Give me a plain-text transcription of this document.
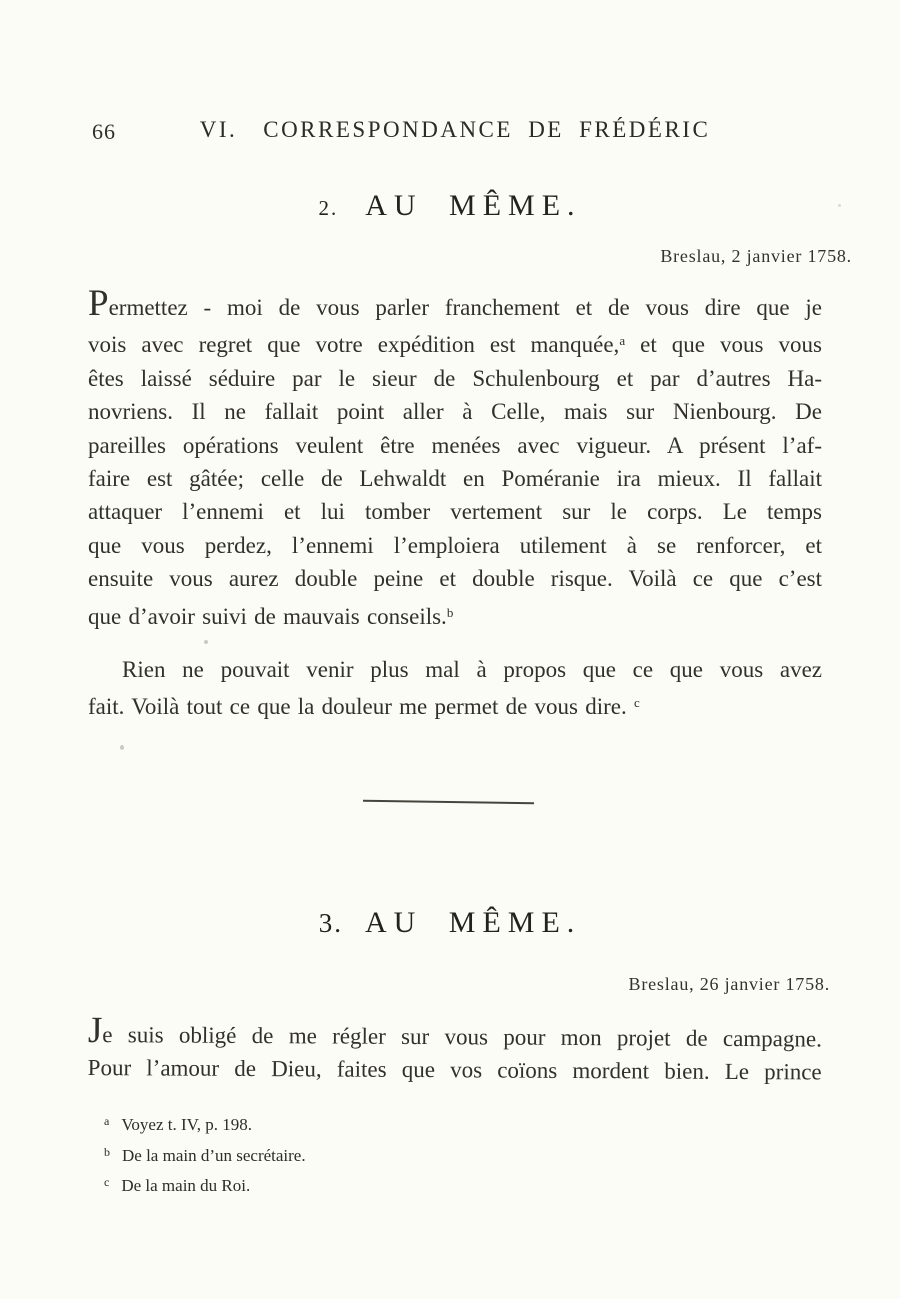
66	VI. CORRESPONDANCE DE FRÉDÉRIC
2. AU MÊME.
Breslau, 2 janvier 1758.
Permettez - moi de vous parler franchement et de vous dire que je
vois avec regret que votre expédition est manquée,$^a$ et que vous vous
êtes laissé séduire par le sieur de Schulenbourg et par d’autres Ha-
novriens. Il ne fallait point aller à Celle, mais sur Nienbourg. De
pareilles opérations veulent être menées avec vigueur. A présent l’af-
faire est gâtée; celle de Lehwaldt en Poméranie ira mieux. Il fallait
attaquer l’ennemi et lui tomber vertement sur le corps. Le temps
que vous perdez, l’ennemi l’emploiera utilement à se renforcer, et
ensuite vous aurez double peine et double risque. Voilà ce que c’est
que d’avoir suivi de mauvais conseils.$^b$
Rien ne pouvait venir plus mal à propos que ce que vous avez
fait. Voilà tout ce que la douleur me permet de vous dire. $^c$
3. AU MÊME.
Breslau, 26 janvier 1758.
Je suis obligé de me régler sur vous pour mon projet de campagne.
Pour l’amour de Dieu, faites que vos coïons mordent bien. Le prince
$^a$ Voyez t. IV, p. 198.
$^b$ De la main d’un secrétaire.
$^c$ De la main du Roi.
